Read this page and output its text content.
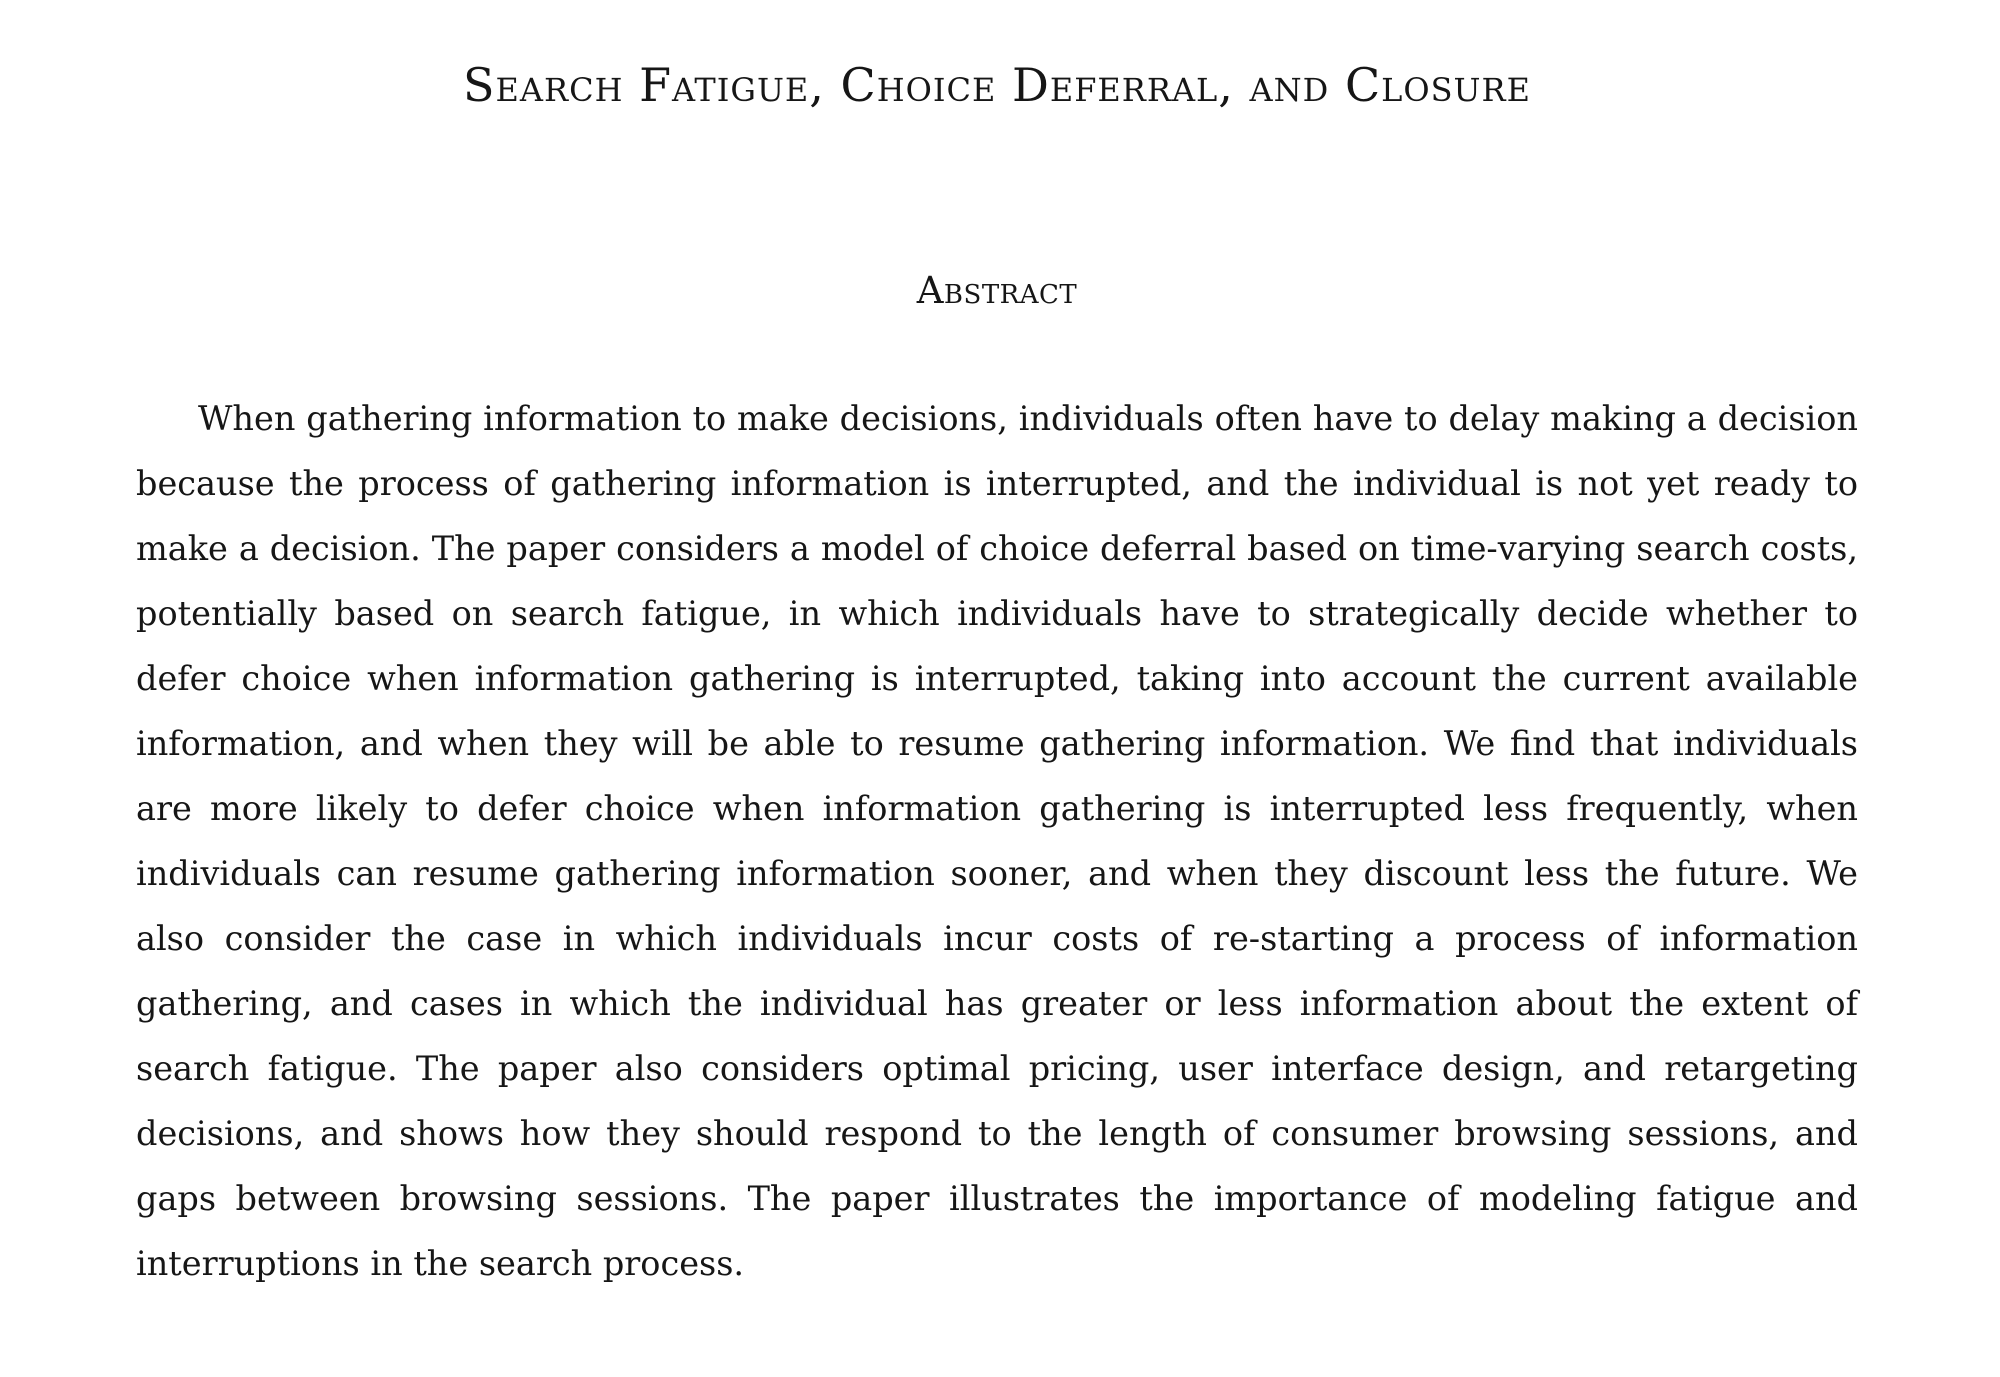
Search Fatigue, Choice Deferral, and Closure
Abstract

When gathering information to make decisions, individuals often have to delay making a decision because the process of gathering information is interrupted, and the individual is not yet ready to make a decision. The paper considers a model of choice deferral based on time-varying search costs, potentially based on search fatigue, in which individuals have to strategically decide whether to defer choice when information gathering is interrupted, taking into account the current available information, and when they will be able to resume gathering information. We find that individuals are more likely to defer choice when information gathering is interrupted less frequently, when individuals can resume gathering information sooner, and when they discount less the future. We also consider the case in which individuals incur costs of re-starting a process of information gathering, and cases in which the individual has greater or less information about the extent of search fatigue. The paper also considers optimal pricing, user interface design, and retargeting decisions, and shows how they should respond to the length of consumer browsing sessions, and gaps between browsing sessions. The paper illustrates the importance of modeling fatigue and interruptions in the search process.
